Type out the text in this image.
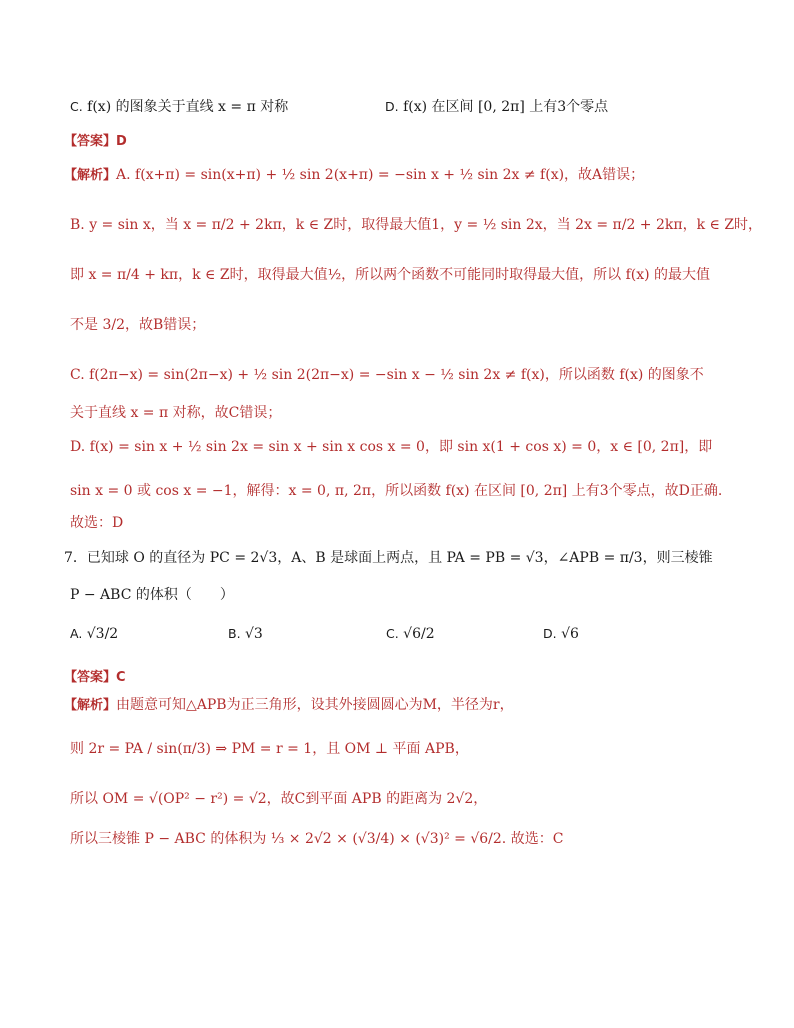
C. f(x) 的图象关于直线 x = π 对称	D. f(x) 在区间 [0, 2π] 上有3个零点
【答案】D
【解析】A. f(x+π) = sin(x+π) + ½ sin 2(x+π) = −sin x + ½ sin 2x ≠ f(x)，故A错误；
B. y = sin x，当 x = π/2 + 2kπ，k ∈ Z时，取得最大值1，y = ½ sin 2x，当 2x = π/2 + 2kπ，k ∈ Z时，
即 x = π/4 + kπ，k ∈ Z时，取得最大值½，所以两个函数不可能同时取得最大值，所以 f(x) 的最大值
不是 3/2，故B错误；
C. f(2π−x) = sin(2π−x) + ½ sin 2(2π−x) = −sin x − ½ sin 2x ≠ f(x)，所以函数 f(x) 的图象不
关于直线 x = π 对称，故C错误；
D. f(x) = sin x + ½ sin 2x = sin x + sin x cos x = 0，即 sin x(1 + cos x) = 0，x ∈ [0, 2π]，即
sin x = 0 或 cos x = −1，解得：x = 0, π, 2π，所以函数 f(x) 在区间 [0, 2π] 上有3个零点，故D正确.
故选：D
7．已知球 O 的直径为 PC = 2√3，A、B 是球面上两点，且 PA = PB = √3，∠APB = π/3，则三棱锥
P − ABC 的体积（　　）
A. √3/2	B. √3	C. √6/2	D. √6
【答案】C
【解析】由题意可知△APB为正三角形，设其外接圆圆心为M，半径为r，
则 2r = PA / sin(π/3) ⇒ PM = r = 1，且 OM ⊥ 平面 APB，
所以 OM = √(OP² − r²) = √2，故C到平面 APB 的距离为 2√2，
所以三棱锥 P − ABC 的体积为 ⅓ × 2√2 × (√3/4) × (√3)² = √6/2. 故选：C
